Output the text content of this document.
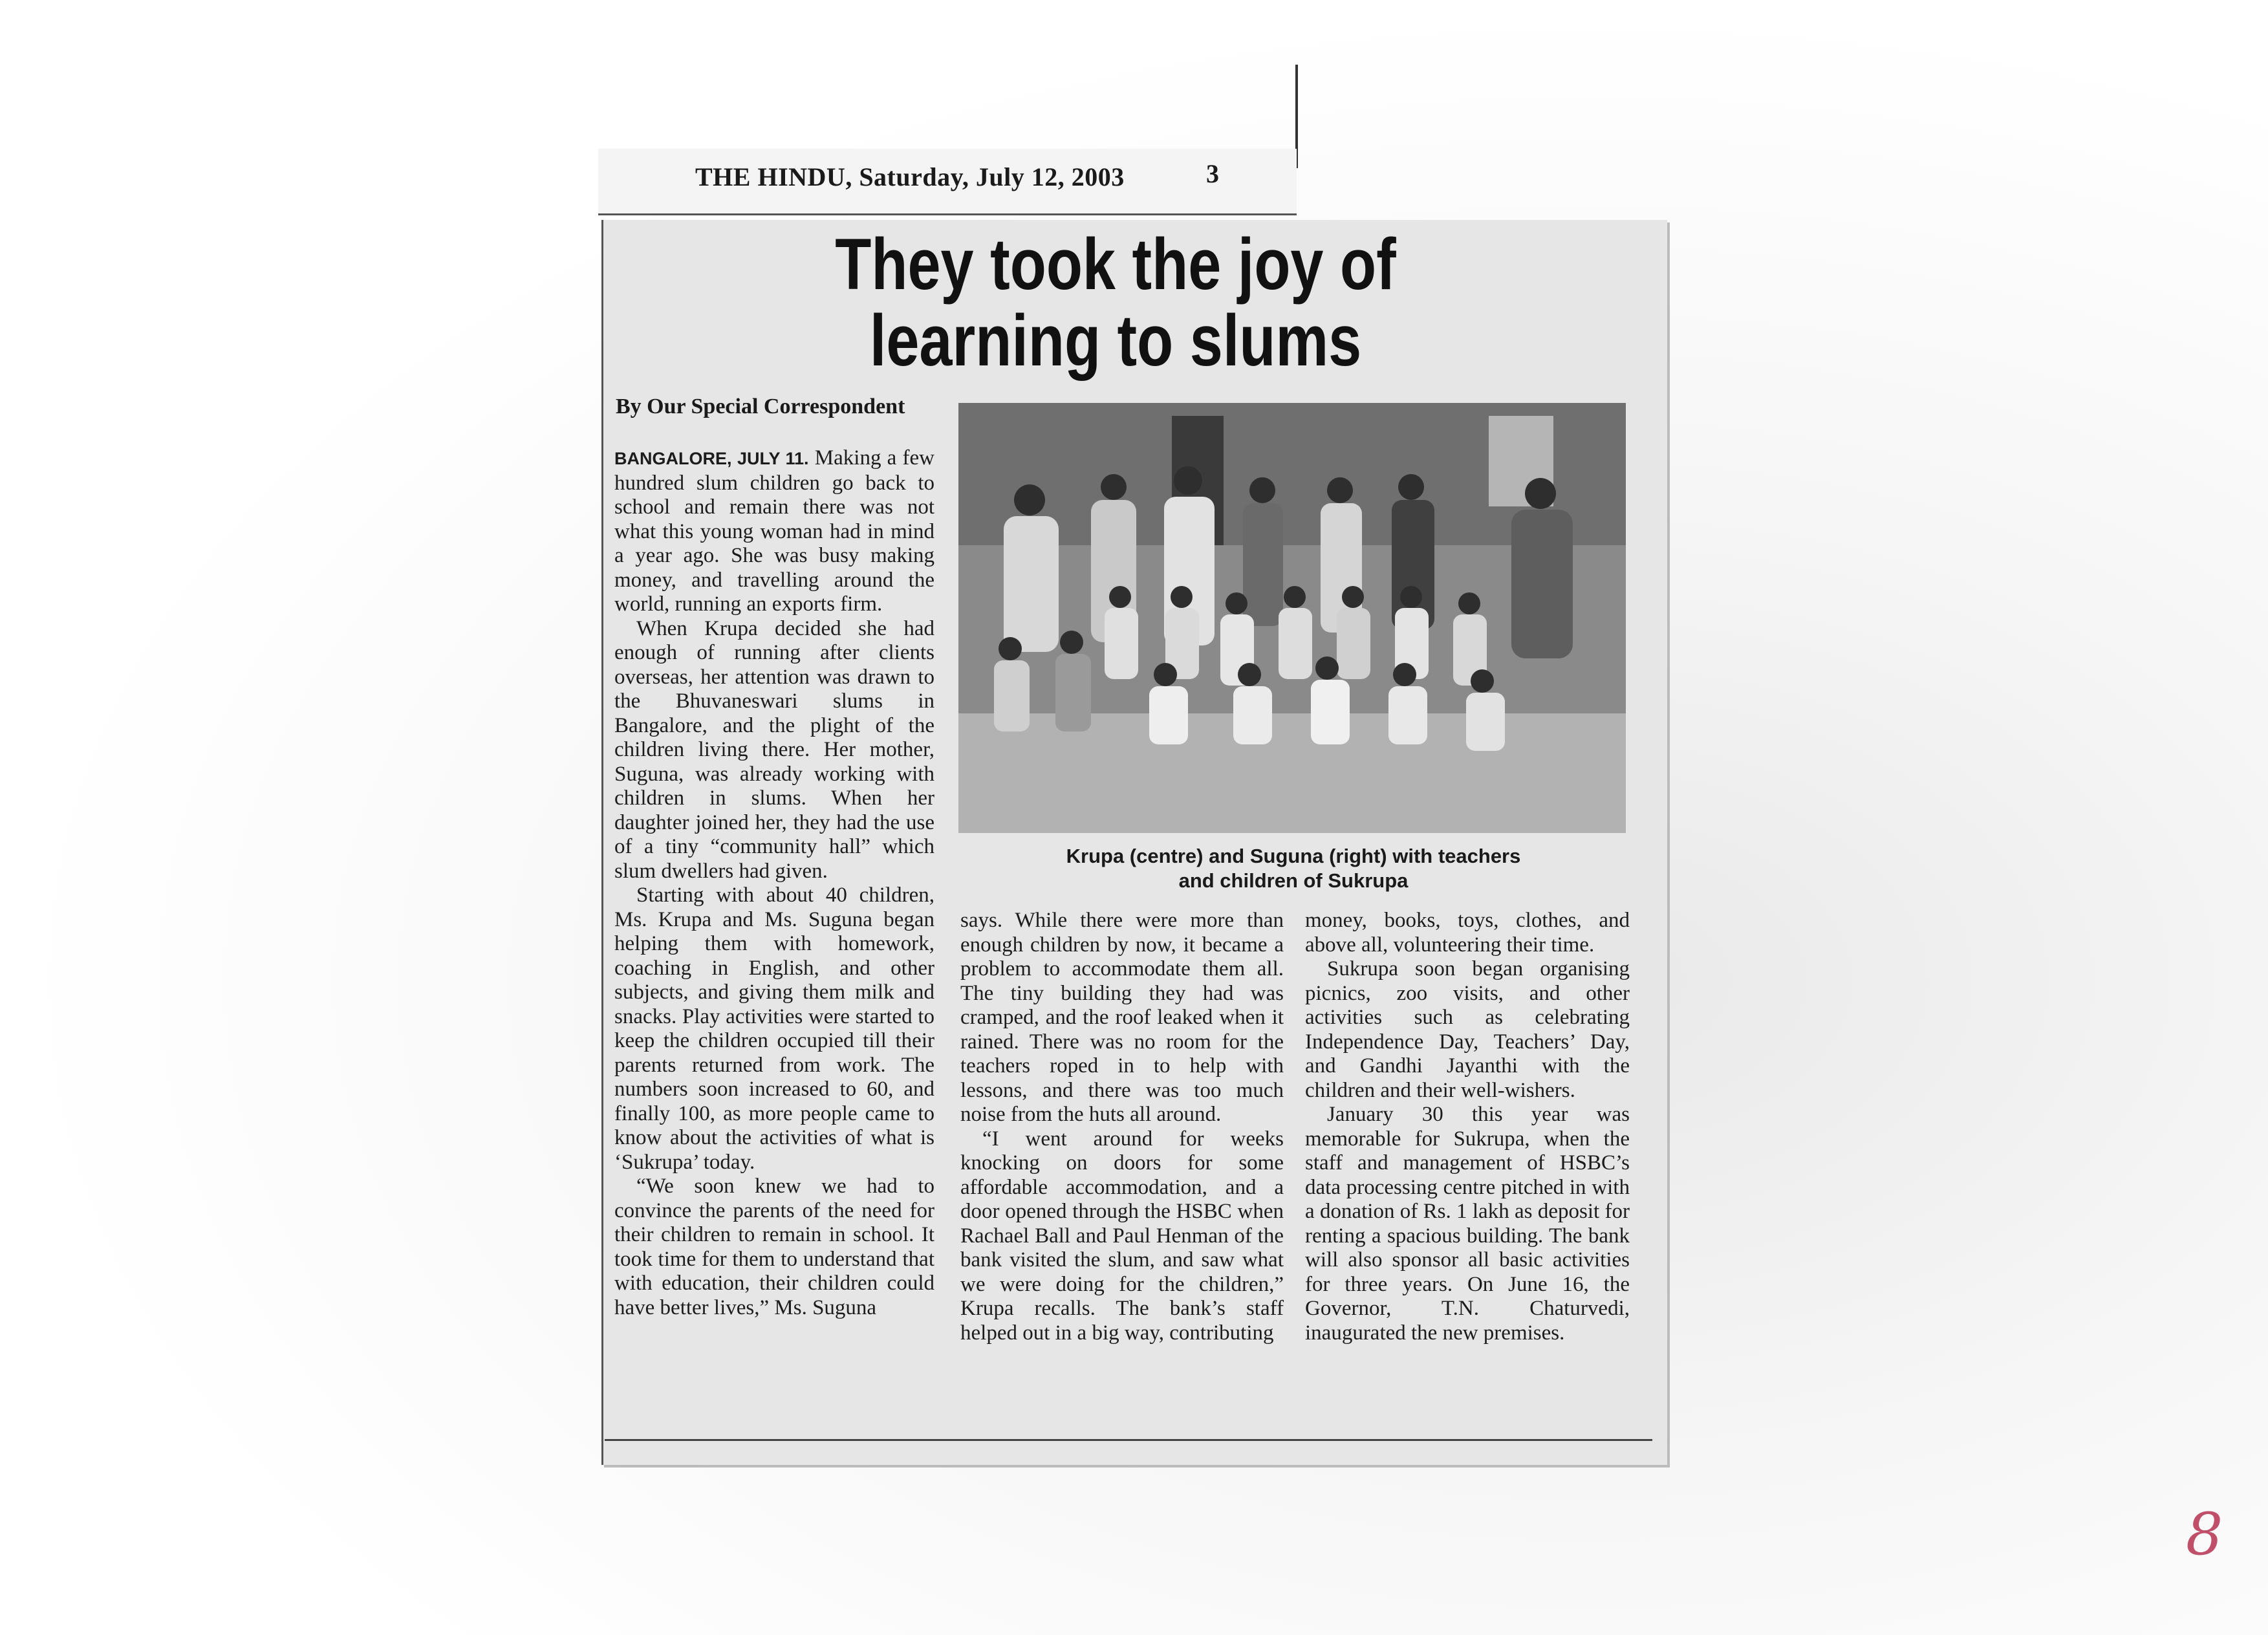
THE HINDU, Saturday, July 12, 2003	3
They took the joy of
learning to slums
By Our Special Correspondent

BANGALORE, JULY 11. Making a few hundred slum children go back to school and remain there was not what this young woman had in mind a year ago. She was busy making money, and travelling around the world, running an exports firm.

When Krupa decided she had enough of running after clients overseas, her attention was drawn to the Bhuvaneswari slums in Bangalore, and the plight of the children living there. Her mother, Suguna, was already working with children in slums. When her daughter joined her, they had the use of a tiny “community hall” which slum dwellers had given.

Starting with about 40 children, Ms. Krupa and Ms. Suguna began helping them with homework, coaching in English, and other subjects, and giving them milk and snacks. Play activities were started to keep the children occupied till their parents returned from work. The numbers soon increased to 60, and finally 100, as more people came to know about the activities of what is ‘Sukrupa’ today.

“We soon knew we had to convince the parents of the need for their children to remain in school. It took time for them to understand that with education, their children could have better lives,” Ms. Suguna

Krupa (centre) and Suguna (right) with teachers
and children of Sukrupa

says. While there were more than enough children by now, it became a problem to accommodate them all. The tiny building they had was cramped, and the roof leaked when it rained. There was no room for the teachers roped in to help with lessons, and there was too much noise from the huts all around.

“I went around for weeks knocking on doors for some affordable accommodation, and a door opened through the HSBC when Rachael Ball and Paul Henman of the bank visited the slum, and saw what we were doing for the children,” Krupa recalls. The bank’s staff helped out in a big way, contributing

money, books, toys, clothes, and above all, volunteering their time.

Sukrupa soon began organising picnics, zoo visits, and other activities such as celebrating Independence Day, Teachers’ Day, and Gandhi Jayanthi with the children and their well-wishers.

January 30 this year was memorable for Sukrupa, when the staff and management of HSBC’s data processing centre pitched in with a donation of Rs. 1 lakh as deposit for renting a spacious building. The bank will also sponsor all basic activities for three years. On June 16, the Governor, T.N. Chaturvedi, inaugurated the new premises.

8
